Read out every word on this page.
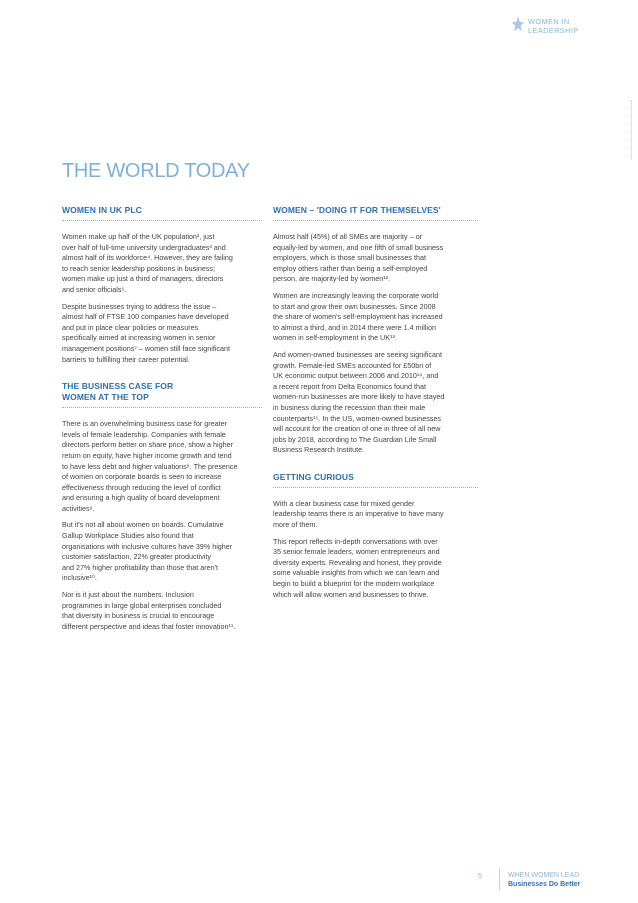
WOMEN IN
LEADERSHIP
THE WORLD TODAY
WOMEN IN UK PLC

Women make up half of the UK population², just
over half of full-time university undergraduates³ and
almost half of its workforce⁴. However, they are failing
to reach senior leadership positions in business;
women make up just a third of managers, directors
and senior officials⁵.

Despite businesses trying to address the issue –
almost half of FTSE 100 companies have developed
and put in place clear policies or measures
specifically aimed at increasing women in senior
management positions⁷ – women still face significant
barriers to fulfilling their career potential.

THE BUSINESS CASE FOR
WOMEN AT THE TOP

There is an overwhelming business case for greater
levels of female leadership. Companies with female
directors perform better on share price, show a higher
return on equity, have higher income growth and tend
to have less debt and higher valuations⁸. The presence
of women on corporate boards is seen to increase
effectiveness through reducing the level of conflict
and ensuring a high quality of board development
activities⁹.

But it's not all about women on boards. Cumulative
Gallup Workplace Studies also found that
organisations with inclusive cultures have 39% higher
customer satisfaction, 22% greater productivity
and 27% higher profitability than those that aren't
inclusive¹⁰.

Nor is it just about the numbers. Inclusion
programmes in large global enterprises concluded
that diversity in business is crucial to encourage
different perspective and ideas that foster innovation¹¹.

WOMEN – 'DOING IT FOR THEMSELVES'

Almost half (45%) of all SMEs are majority – or
equally-led by women, and one fifth of small business
employers, which is those small businesses that
employ others rather than being a self-employed
person, are majority-led by women¹².

Women are increasingly leaving the corporate world
to start and grow their own businesses. Since 2008
the share of women's self-employment has increased
to almost a third, and in 2014 there were 1.4 million
women in self-employment in the UK¹³.

And women-owned businesses are seeing significant
growth. Female-led SMEs accounted for £50bn of
UK economic output between 2006 and 2010¹⁴, and
a recent report from Delta Economics found that
women-run businesses are more likely to have stayed
in business during the recession than their male
counterparts¹⁵. In the US, women-owned businesses
will account for the creation of one in three of all new
jobs by 2018, according to The Guardian Life Small
Business Research Institute.

GETTING CURIOUS

With a clear business case for mixed gender
leadership teams there is an imperative to have many
more of them.

This report reflects in-depth conversations with over
35 senior female leaders, women entrepreneurs and
diversity experts. Revealing and honest, they provide
some valuable insights from which we can learn and
begin to build a blueprint for the modern workplace
which will allow women and businesses to thrive.

5	WHEN WOMEN LEAD
Businesses Do Better
